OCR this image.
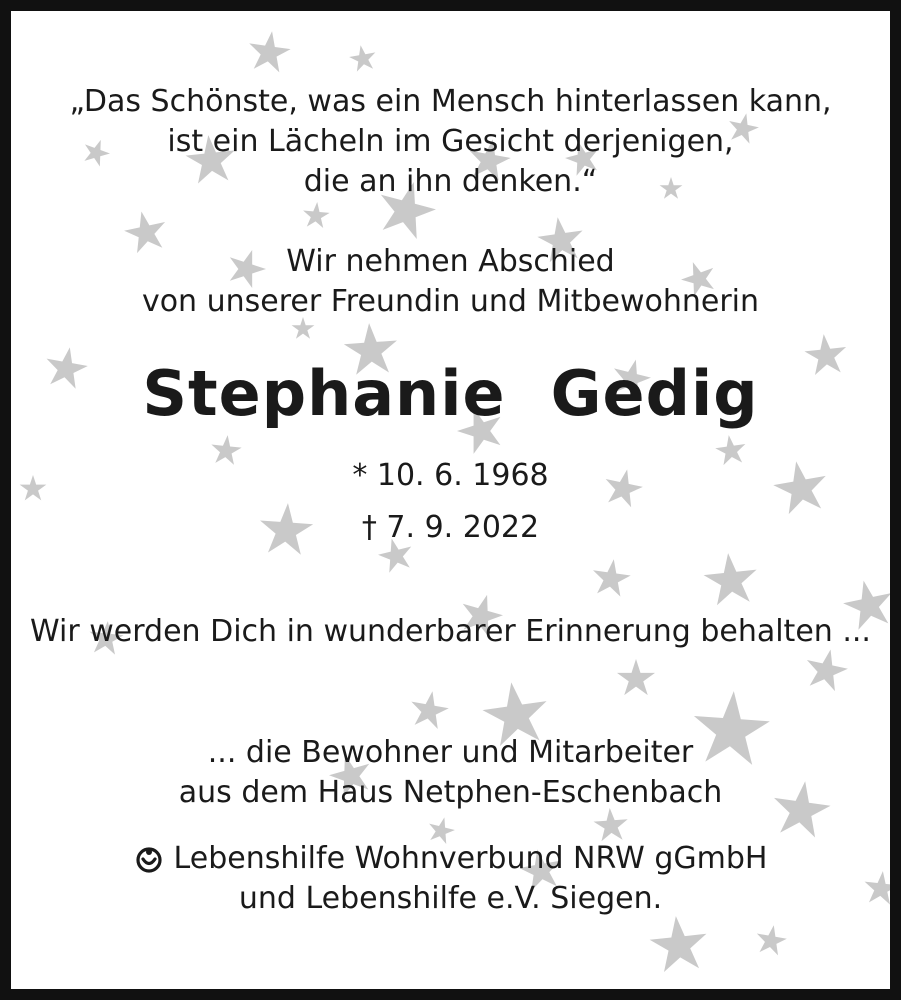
„Das Schönste, was ein Mensch hinterlassen kann,
ist ein Lächeln im Gesicht derjenigen,
die an ihn denken.“
Wir nehmen Abschied
von unserer Freundin und Mitbewohnerin
Stephanie  Gedig
* 10. 6. 1968
† 7. 9. 2022
Wir werden Dich in wunderbarer Erinnerung behalten ...
... die Bewohner und Mitarbeiter
aus dem Haus Netphen-Eschenbach
Lebenshilfe Wohnverbund NRW gGmbH
und Lebenshilfe e.V. Siegen.
